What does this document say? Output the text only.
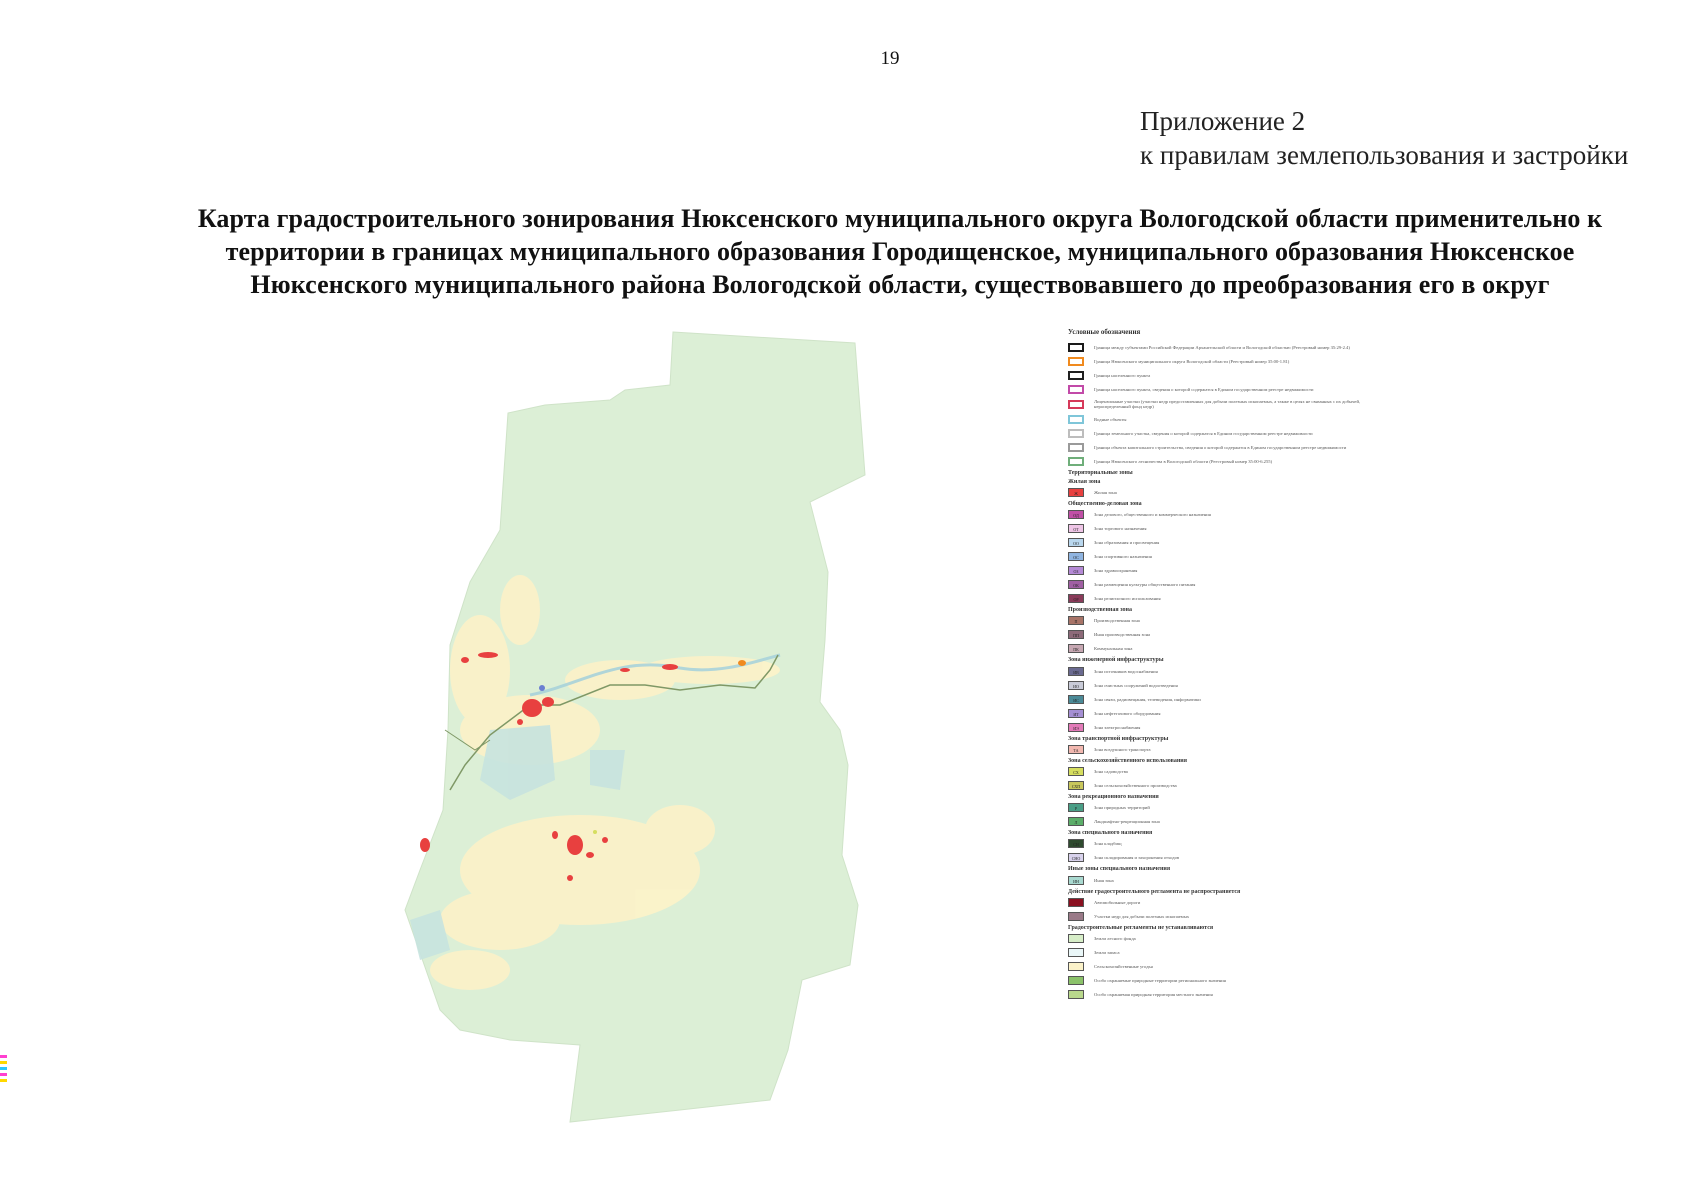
19
Приложение 2
к правилам землепользования и застройки
Карта градостроительного зонирования Нюксенского муниципального округа Вологодской области применительно к
территории в границах муниципального образования Городищенское, муниципального образования Нюксенское
Нюксенского муниципального района Вологодской области, существовавшего до преобразования его в округ
Условные обозначения
Граница между субъектами Российской Федерации Архангельской области и Вологодской областью (Реестровый номер 35:29-2.4)
Граница Нюксенского муниципального округа Вологодской области (Реестровый номер 35:00-1.81)
Граница населенного пункта
Граница населенного пункта, сведения о которой содержатся в Едином государственном реестре недвижимости
Лицензионные участки (участки недр предоставленных для добычи полезных ископаемых, а также в целях не связанных с их добычей, нераспределенный фонд недр)
Водные объекты
Граница земельного участка, сведения о которой содержатся в Едином государственном реестре недвижимости
Граница объекта капитального строительства, сведения о которой содержатся в Едином государственном реестре недвижимости
Граница Нюксенского лесничества в Вологодской области (Реестровый номер 35:00-6.255)
Территориальные зоны
Жилая зона
Ж	Жилая зона
Общественно-деловая зона
ОД	Зона делового, общественного и коммерческого назначения
ОТ	Зона торгового назначения
ОО	Зона образования и просвещения
ОС	Зона спортивного назначения
ОЗ	Зона здравоохранения
ОК	Зона размещения культуры общественного питания
ОР	Зона религиозного использования
Производственная зона
П	Производственная зона
ПП	Иная производственная зона
ПК	Коммунальная зона
Зона инженерной инфраструктуры
ИВ	Зона источников водоснабжения
ИО	Зона очистных сооружений водоотведения
ИС	Зона связи, радиовещания, телевидения, информатики
ИТ	Зона нефтегазового оборудования
ИЭ	Зона электроснабжения
Зона транспортной инфраструктуры
ТА	Зона воздушного транспорта
Зона сельскохозяйственного использования
СХ	Зона садоводства
СХП	Зона сельскохозяйственного производства
Зона рекреационного назначения
Р	Зона природных территорий
Л	Ландшафтно-рекреационная зона
Зона специального назначения
СН	Зона кладбищ
СНО	Зона складирования и захоронения отходов
Иные зоны специального назначения
ИН	Иная зона
Действие градостроительного регламента не распространяется
Автомобильные дороги
Участки недр для добычи полезных ископаемых
Градостроительные регламенты не устанавливаются
Земли лесного фонда
Земли запаса
Сельскохозяйственные угодья
Особо охраняемые природные территории регионального значения
Особо охраняемая природная территория местного значения
